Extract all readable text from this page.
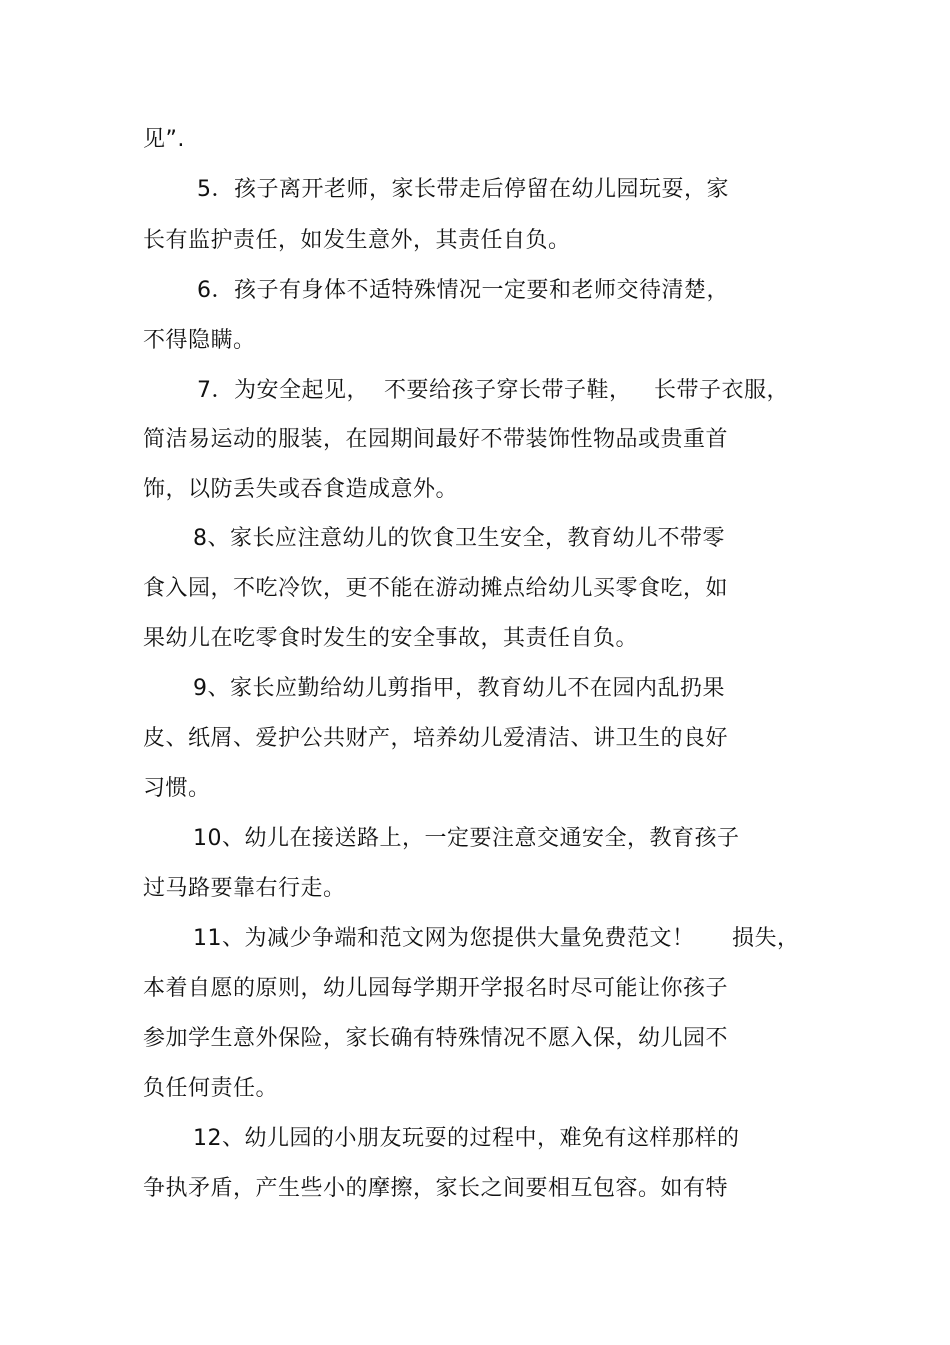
见”.
5．孩子离开老师，家长带走后停留在幼儿园玩耍，家
长有监护责任，如发生意外，其责任自负。
6．孩子有身体不适特殊情况一定要和老师交待清楚，
不得隐瞒。
7．为安全起见，  不要给孩子穿长带子鞋，   长带子衣服，
简洁易运动的服装，在园期间最好不带装饰性物品或贵重首
饰，以防丢失或吞食造成意外。
8、家长应注意幼儿的饮食卫生安全，教育幼儿不带零
食入园，不吃冷饮，更不能在游动摊点给幼儿买零食吃，如
果幼儿在吃零食时发生的安全事故，其责任自负。
9、家长应勤给幼儿剪指甲，教育幼儿不在园内乱扔果
皮、纸屑、爱护公共财产，培养幼儿爱清洁、讲卫生的良好
习惯。
10、幼儿在接送路上，一定要注意交通安全，教育孩子
过马路要靠右行走。
11、为减少争端和范文网为您提供大量免费范文！     损失，
本着自愿的原则，幼儿园每学期开学报名时尽可能让你孩子
参加学生意外保险，家长确有特殊情况不愿入保，幼儿园不
负任何责任。
12、幼儿园的小朋友玩耍的过程中，难免有这样那样的
争执矛盾，产生些小的摩擦，家长之间要相互包容。如有特
